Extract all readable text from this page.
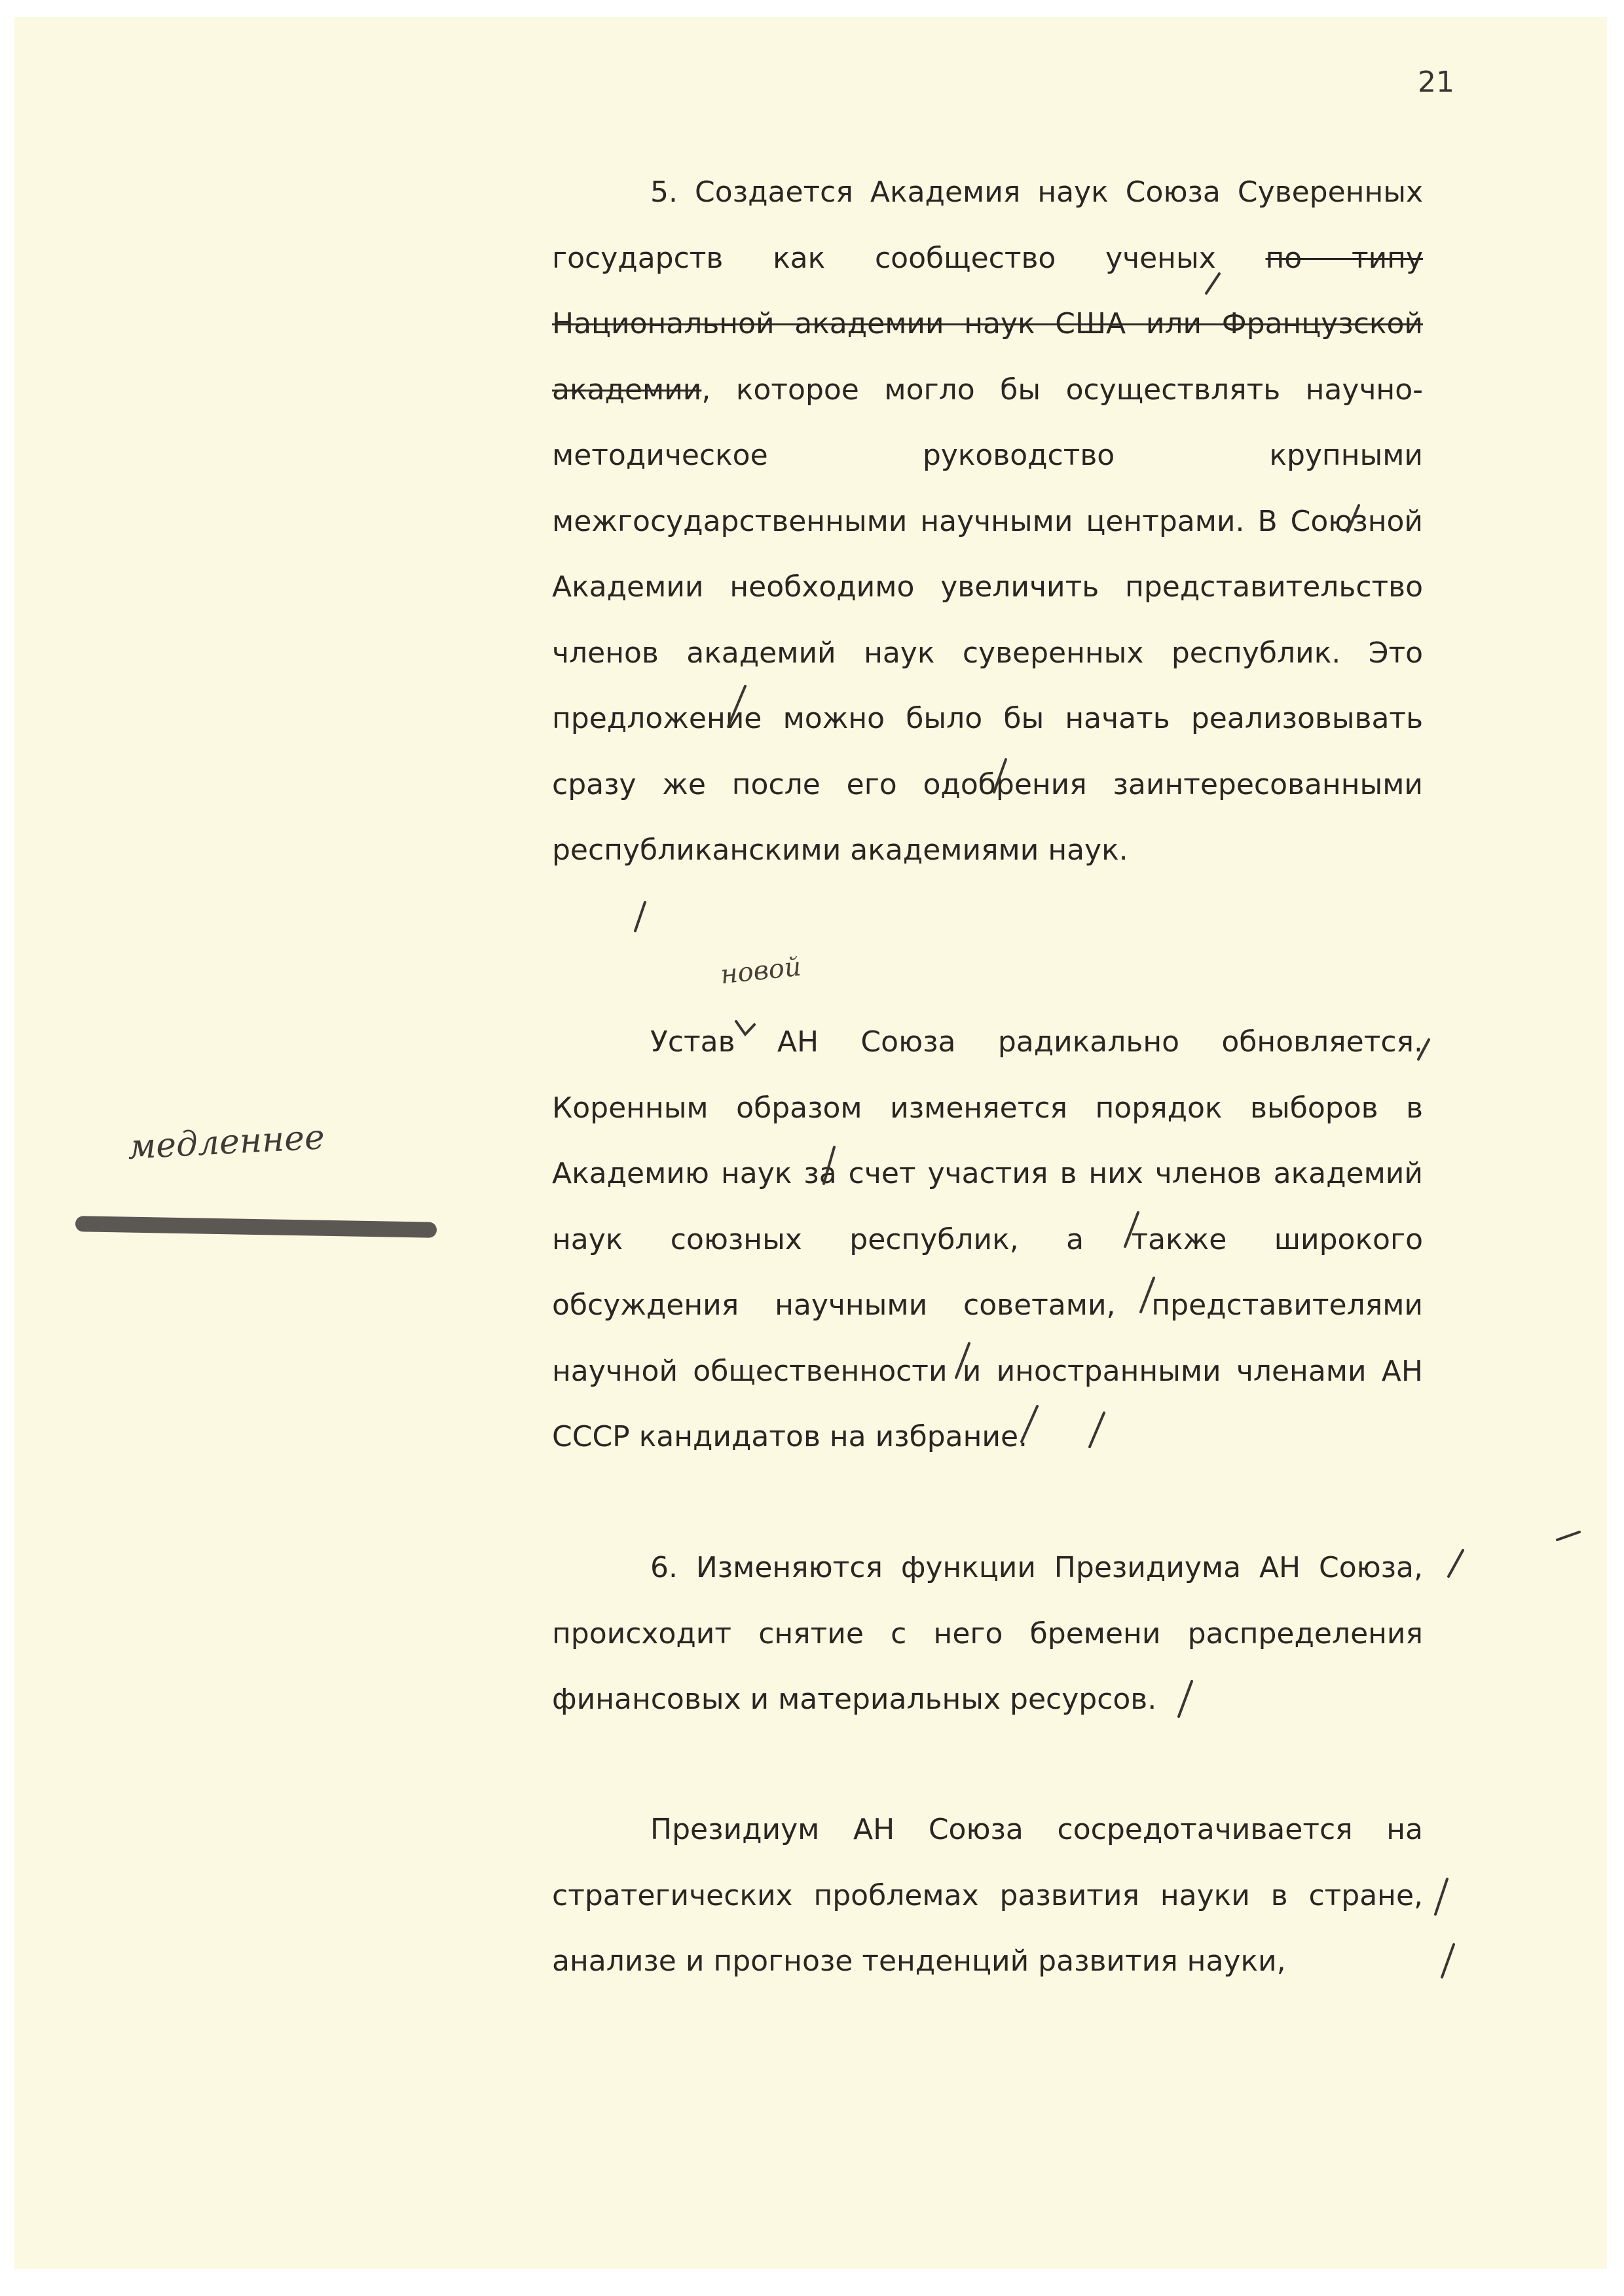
21

5. Создается Академия наук Союза Суверенных государств как сообщество ученых по типу Национальной академии наук США или Французской академии, которое могло бы осуществлять научно-методическое руководство крупными межгосударственными научными центрами. В Союзной Академии необходимо увеличить представительство членов академий наук суверенных республик. Это предложение можно было бы начать реализовывать сразу же после его одобрения заинтересованными республиканскими академиями наук.

новой

Устав АН Союза радикально обновляется. Коренным образом изменяется порядок выборов в Академию наук за счет участия в них членов академий наук союзных республик, а также широкого обсуждения научными советами, представителями научной общественности и иностранными членами АН СССР кандидатов на избрание.

6. Изменяются функции Президиума АН Союза, происходит снятие с него бремени распределения финансовых и материальных ресурсов.

Президиум АН Союза сосредотачивается на стратегических проблемах развития науки в стране, анализе и прогнозе тенденций развития науки,

медленнее
